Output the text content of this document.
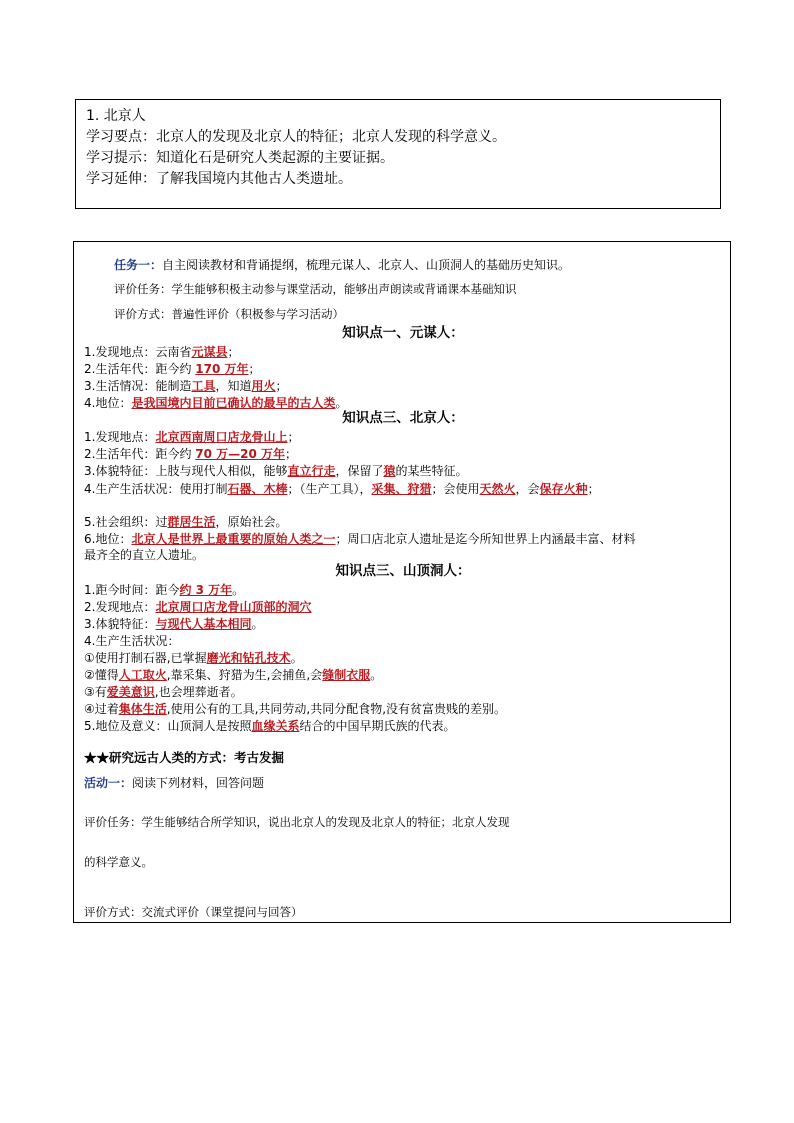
1. 北京人
学习要点：北京人的发现及北京人的特征；北京人发现的科学意义。
学习提示：知道化石是研究人类起源的主要证据。
学习延伸：了解我国境内其他古人类遗址。
任务一：自主阅读教材和背诵提纲，梳理元谋人、北京人、山顶洞人的基础历史知识。
评价任务：学生能够积极主动参与课堂活动，能够出声朗读或背诵课本基础知识
评价方式：普遍性评价（积极参与学习活动）
知识点一、元谋人：
1.发现地点：云南省元谋县；
2.生活年代：距今约 170 万年；
3.生活情况：能制造工具，知道用火；
4.地位：是我国境内目前已确认的最早的古人类。
知识点三、北京人：
1.发现地点：北京西南周口店龙骨山上；
2.生活年代：距今约 70 万—20 万年；
3.体貌特征：上肢与现代人相似，能够直立行走，保留了猿的某些特征。
4.生产生活状况：使用打制石器、木棒；（生产工具），采集、狩猎；会使用天然火，会保存火种；
5.社会组织：过群居生活，原始社会。
6.地位：北京人是世界上最重要的原始人类之一；周口店北京人遗址是迄今所知世界上内涵最丰富、材料
最齐全的直立人遗址。
知识点三、山顶洞人：
1.距今时间：距今约 3 万年。
2.发现地点：北京周口店龙骨山顶部的洞穴
3.体貌特征：与现代人基本相同。
4.生产生活状况：
①使用打制石器,已掌握磨光和钻孔技术。
②懂得人工取火,靠采集、狩猎为生,会捕鱼,会缝制衣服。
③有爱美意识,也会埋葬逝者。
④过着集体生活,使用公有的工具,共同劳动,共同分配食物,没有贫富贵贱的差别。
5.地位及意义：山顶洞人是按照血缘关系结合的中国早期氏族的代表。
★★研究远古人类的方式：考古发掘
活动一：阅读下列材料，回答问题
评价任务：学生能够结合所学知识，说出北京人的发现及北京人的特征；北京人发现
的科学意义。
评价方式：交流式评价（课堂提问与回答）
